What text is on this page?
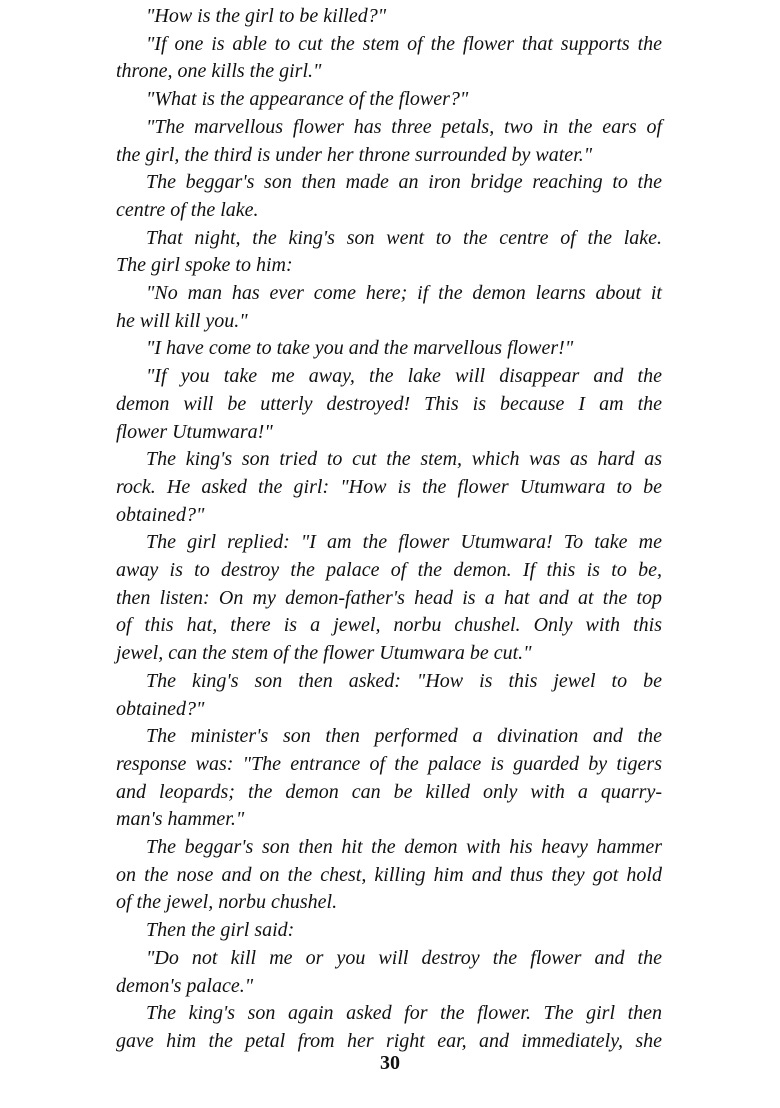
"How is the girl to be killed?"
"If one is able to cut the stem of the flower that supports the
throne, one kills the girl."
"What is the appearance of the flower?"
"The marvellous flower has three petals, two in the ears of
the girl, the third is under her throne surrounded by water."
The beggar's son then made an iron bridge reaching to the
centre of the lake.
That night, the king's son went to the centre of the lake.
The girl spoke to him:
"No man has ever come here; if the demon learns about it
he will kill you."
"I have come to take you and the marvellous flower!"
"If you take me away, the lake will disappear and the
demon will be utterly destroyed! This is because I am the
flower Utumwara!"
The king's son tried to cut the stem, which was as hard as
rock. He asked the girl: "How is the flower Utumwara to be
obtained?"
The girl replied: "I am the flower Utumwara! To take me
away is to destroy the palace of the demon. If this is to be,
then listen: On my demon-father's head is a hat and at the top
of this hat, there is a jewel, norbu chushel. Only with this
jewel, can the stem of the flower Utumwara be cut."
The king's son then asked: "How is this jewel to be
obtained?"
The minister's son then performed a divination and the
response was: "The entrance of the palace is guarded by tigers
and leopards; the demon can be killed only with a quarry-
man's hammer."
The beggar's son then hit the demon with his heavy hammer
on the nose and on the chest, killing him and thus they got hold
of the jewel, norbu chushel.
Then the girl said:
"Do not kill me or you will destroy the flower and the
demon's palace."
The king's son again asked for the flower. The girl then
gave him the petal from her right ear, and immediately, she
30
